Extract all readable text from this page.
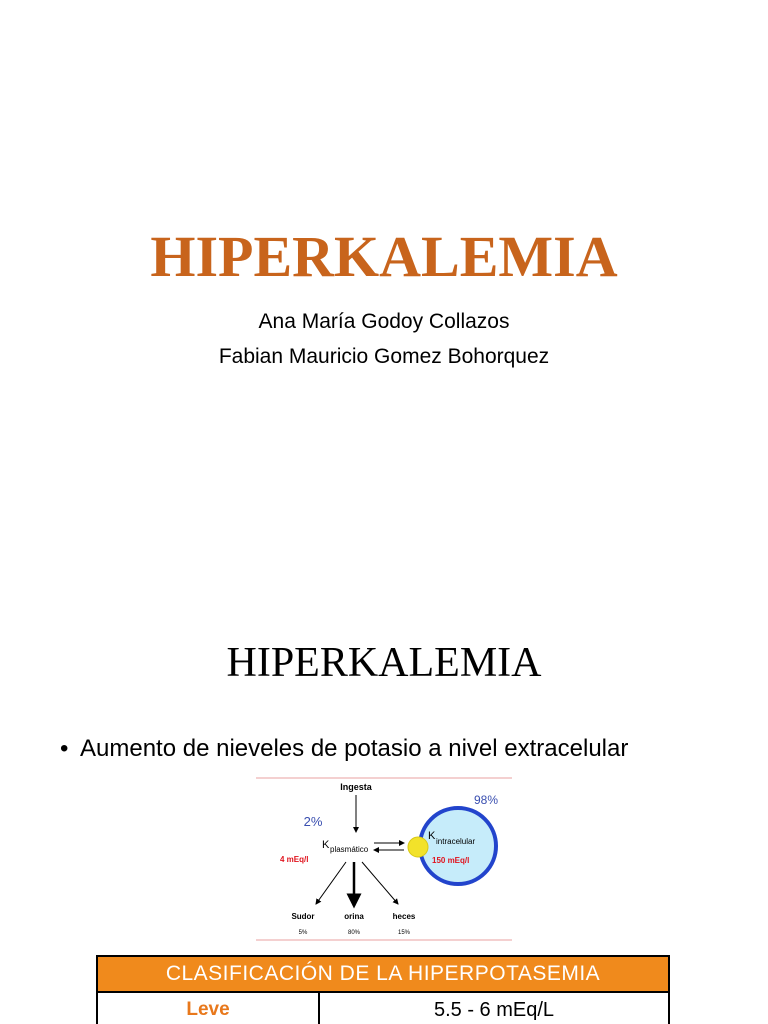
HIPERKALEMIA
Ana María Godoy Collazos
Fabian Mauricio Gomez Bohorquez
HIPERKALEMIA
• Aumento de nieveles de potasio a nivel extracelular
Ingesta
2%
K plasmático
4 mEq/l
98%
K intracelular
150 mEq/l
Sudor	orina	heces
5%	80%	15%
CLASIFICACIÓN DE LA HIPERPOTASEMIA
Leve	5.5 - 6 mEq/L
